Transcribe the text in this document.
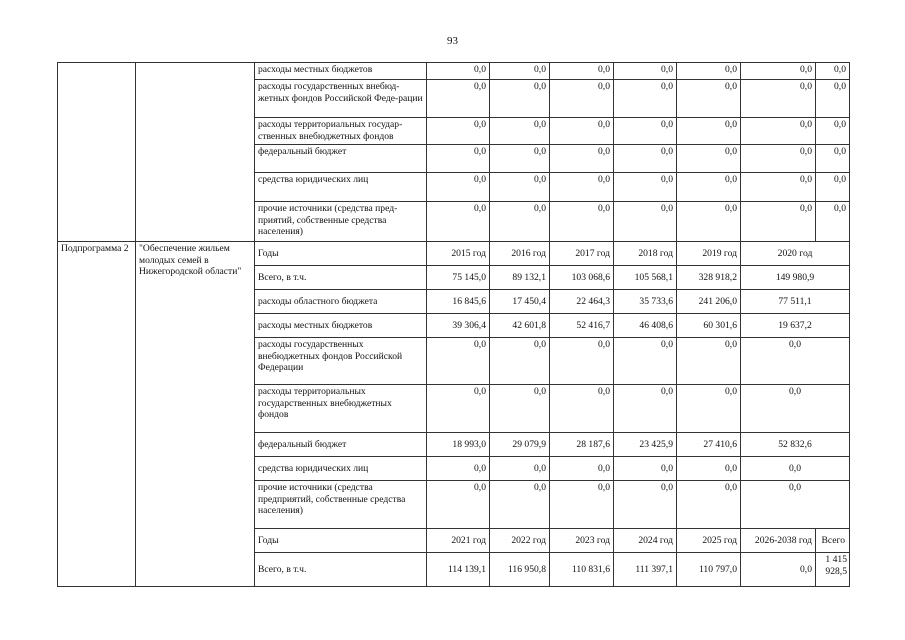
93
		расходы местных бюджетов	0,0	0,0	0,0	0,0	0,0	0,0	0,0
		расходы государственных внебюд-жетных фондов Российской Феде-рации	0,0	0,0	0,0	0,0	0,0	0,0	0,0
		расходы территориальных государ-ственных внебюджетных фондов	0,0	0,0	0,0	0,0	0,0	0,0	0,0
		федеральный бюджет	0,0	0,0	0,0	0,0	0,0	0,0	0,0
		средства юридических лиц	0,0	0,0	0,0	0,0	0,0	0,0	0,0
		прочие источники (средства пред-приятий, собственные средства населения)	0,0	0,0	0,0	0,0	0,0	0,0	0,0
Подпрограмма 2	"Обеспечение жильем молодых семей в Нижегородской области"	Годы	2015 год	2016 год	2017 год	2018 год	2019 год	2020 год	
		Всего, в т.ч.	75 145,0	89 132,1	103 068,6	105 568,1	328 918,2	149 980,9	
		расходы областного бюджета	16 845,6	17 450,4	22 464,3	35 733,6	241 206,0	77 511,1	
		расходы местных бюджетов	39 306,4	42 601,8	52 416,7	46 408,6	60 301,6	19 637,2	
		расходы государственных внебюджетных фондов Российской Федерации	0,0	0,0	0,0	0,0	0,0	0,0	
		расходы территориальных государственных внебюджетных фондов	0,0	0,0	0,0	0,0	0,0	0,0	
		федеральный бюджет	18 993,0	29 079,9	28 187,6	23 425,9	27 410,6	52 832,6	
		средства юридических лиц	0,0	0,0	0,0	0,0	0,0	0,0	
		прочие источники (средства предприятий, собственные средства населения)	0,0	0,0	0,0	0,0	0,0	0,0	
		Годы	2021 год	2022 год	2023 год	2024 год	2025 год	2026-2038 год	Всего
		Всего, в т.ч.	114 139,1	116 950,8	110 831,6	111 397,1	110 797,0	0,0	1 415 928,5
